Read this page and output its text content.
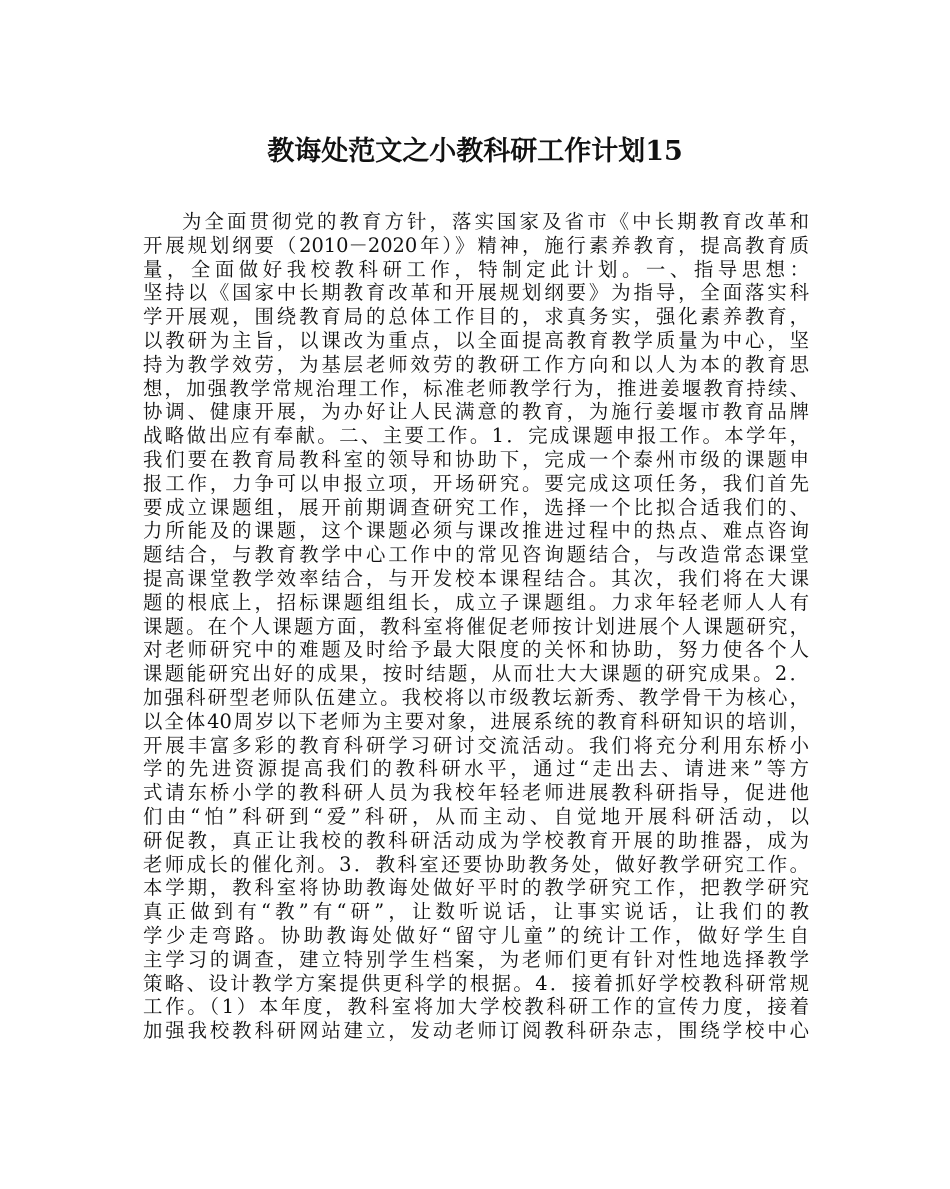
教诲处范文之小教科研工作计划15
为全面贯彻党的教育方针，落实国家及省市《中长期教育改革和
开展规划纲要（2010－2020年）》精神，施行素养教育，提高教育质
量，全面做好我校教科研工作，特制定此计划。一、指导思想：
坚持以《国家中长期教育改革和开展规划纲要》为指导，全面落实科
学开展观，围绕教育局的总体工作目的，求真务实，强化素养教育，
以教研为主旨，以课改为重点，以全面提高教育教学质量为中心，坚
持为教学效劳，为基层老师效劳的教研工作方向和以人为本的教育思
想，加强教学常规治理工作，标准老师教学行为，推进姜堰教育持续、
协调、健康开展，为办好让人民满意的教育，为施行姜堰市教育品牌
战略做出应有奉献。二、主要工作。1．完成课题申报工作。本学年，
我们要在教育局教科室的领导和协助下，完成一个泰州市级的课题申
报工作，力争可以申报立项，开场研究。要完成这项任务，我们首先
要成立课题组，展开前期调查研究工作，选择一个比拟合适我们的、
力所能及的课题，这个课题必须与课改推进过程中的热点、难点咨询
题结合，与教育教学中心工作中的常见咨询题结合，与改造常态课堂
提高课堂教学效率结合，与开发校本课程结合。其次，我们将在大课
题的根底上，招标课题组组长，成立子课题组。力求年轻老师人人有
课题。在个人课题方面，教科室将催促老师按计划进展个人课题研究，
对老师研究中的难题及时给予最大限度的关怀和协助，努力使各个人
课题能研究出好的成果，按时结题，从而壮大大课题的研究成果。2．
加强科研型老师队伍建立。我校将以市级教坛新秀、教学骨干为核心，
以全体40周岁以下老师为主要对象，进展系统的教育科研知识的培训，
开展丰富多彩的教育科研学习研讨交流活动。我们将充分利用东桥小
学的先进资源提高我们的教科研水平，通过“走出去、请进来”等方
式请东桥小学的教科研人员为我校年轻老师进展教科研指导，促进他
们由“怕”科研到“爱”科研，从而主动、自觉地开展科研活动，以
研促教，真正让我校的教科研活动成为学校教育开展的助推器，成为
老师成长的催化剂。3．教科室还要协助教务处，做好教学研究工作。
本学期，教科室将协助教诲处做好平时的教学研究工作，把教学研究
真正做到有“教”有“研”，让数听说话，让事实说话，让我们的教
学少走弯路。协助教诲处做好“留守儿童”的统计工作，做好学生自
主学习的调查，建立特别学生档案，为老师们更有针对性地选择教学
策略、设计教学方案提供更科学的根据。4．接着抓好学校教科研常规
工作。（1）本年度，教科室将加大学校教科研工作的宣传力度，接着
加强我校教科研网站建立，发动老师订阅教科研杂志，围绕学校中心
